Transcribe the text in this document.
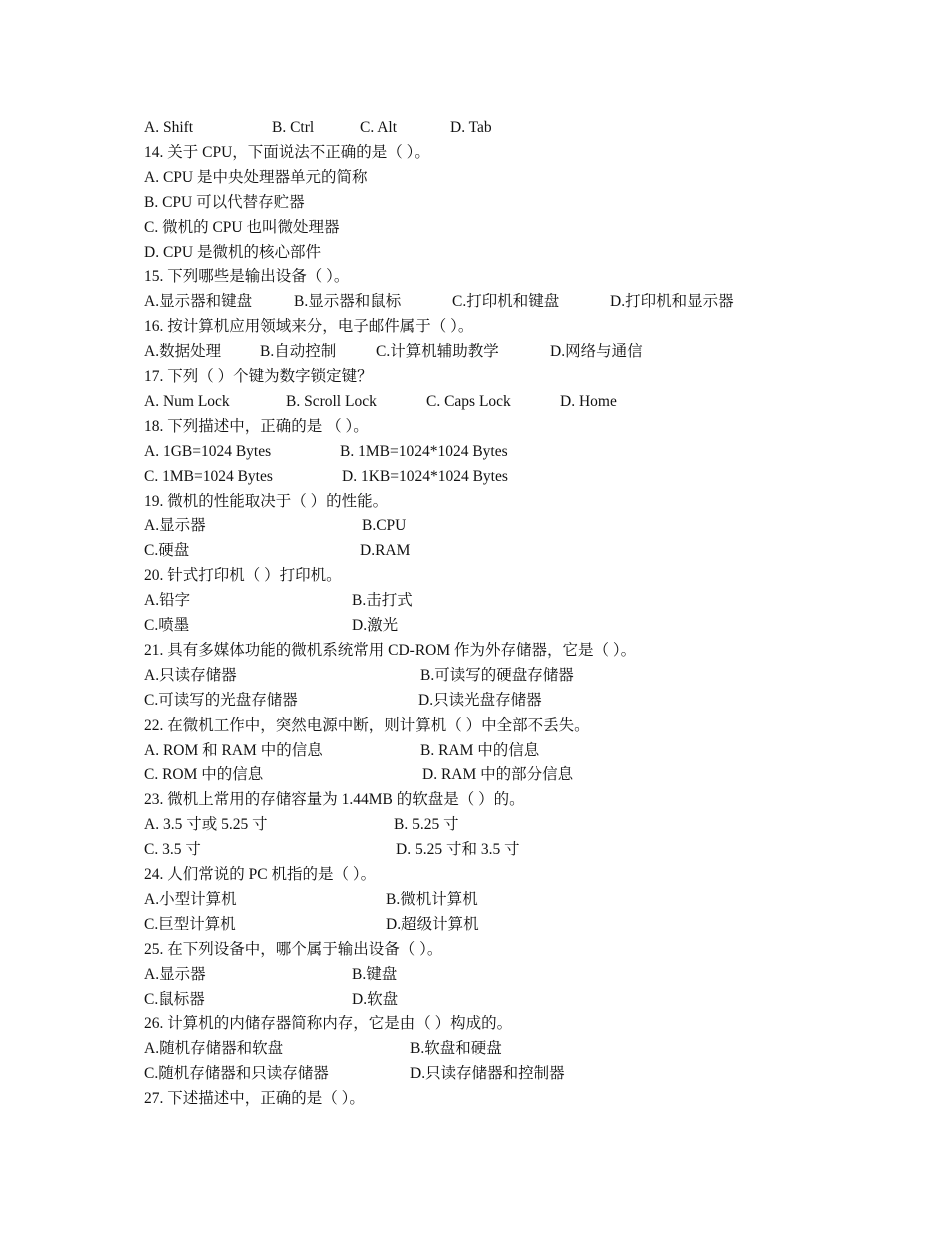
A. Shift	B. Ctrl	C. Alt	D. Tab
14. 关于 CPU，下面说法不正确的是（ ）。
A. CPU 是中央处理器单元的简称
B. CPU 可以代替存贮器
C. 微机的 CPU 也叫微处理器
D. CPU 是微机的核心部件
15. 下列哪些是输出设备（ ）。
A.显示器和键盘	B.显示器和鼠标	C.打印机和键盘	D.打印机和显示器
16. 按计算机应用领域来分，电子邮件属于（ ）。
A.数据处理	B.自动控制	C.计算机辅助教学	D.网络与通信
17. 下列（ ）个键为数字锁定键？
A. Num Lock	B. Scroll Lock	C. Caps Lock	D. Home
18. 下列描述中，正确的是 （ ）。
A. 1GB=1024 Bytes	B. 1MB=1024*1024 Bytes
C. 1MB=1024 Bytes	D. 1KB=1024*1024 Bytes
19. 微机的性能取决于（ ）的性能。
A.显示器	B.CPU
C.硬盘	D.RAM
20. 针式打印机（ ）打印机。
A.铅字	B.击打式
C.喷墨	D.激光
21. 具有多媒体功能的微机系统常用 CD-ROM 作为外存储器，它是（ ）。
A.只读存储器	B.可读写的硬盘存储器
C.可读写的光盘存储器	D.只读光盘存储器
22. 在微机工作中，突然电源中断，则计算机（ ）中全部不丢失。
A. ROM 和 RAM 中的信息	B. RAM 中的信息
C. ROM 中的信息	D. RAM 中的部分信息
23. 微机上常用的存储容量为 1.44MB 的软盘是（ ）的。
A. 3.5 寸或 5.25 寸	B. 5.25 寸
C. 3.5 寸	D. 5.25 寸和 3.5 寸
24. 人们常说的 PC 机指的是（ ）。
A.小型计算机	B.微机计算机
C.巨型计算机	D.超级计算机
25. 在下列设备中，哪个属于输出设备（ ）。
A.显示器	B.键盘
C.鼠标器	D.软盘
26. 计算机的内储存器简称内存，它是由（ ）构成的。
A.随机存储器和软盘	B.软盘和硬盘
C.随机存储器和只读存储器	D.只读存储器和控制器
27. 下述描述中，正确的是（ ）。
